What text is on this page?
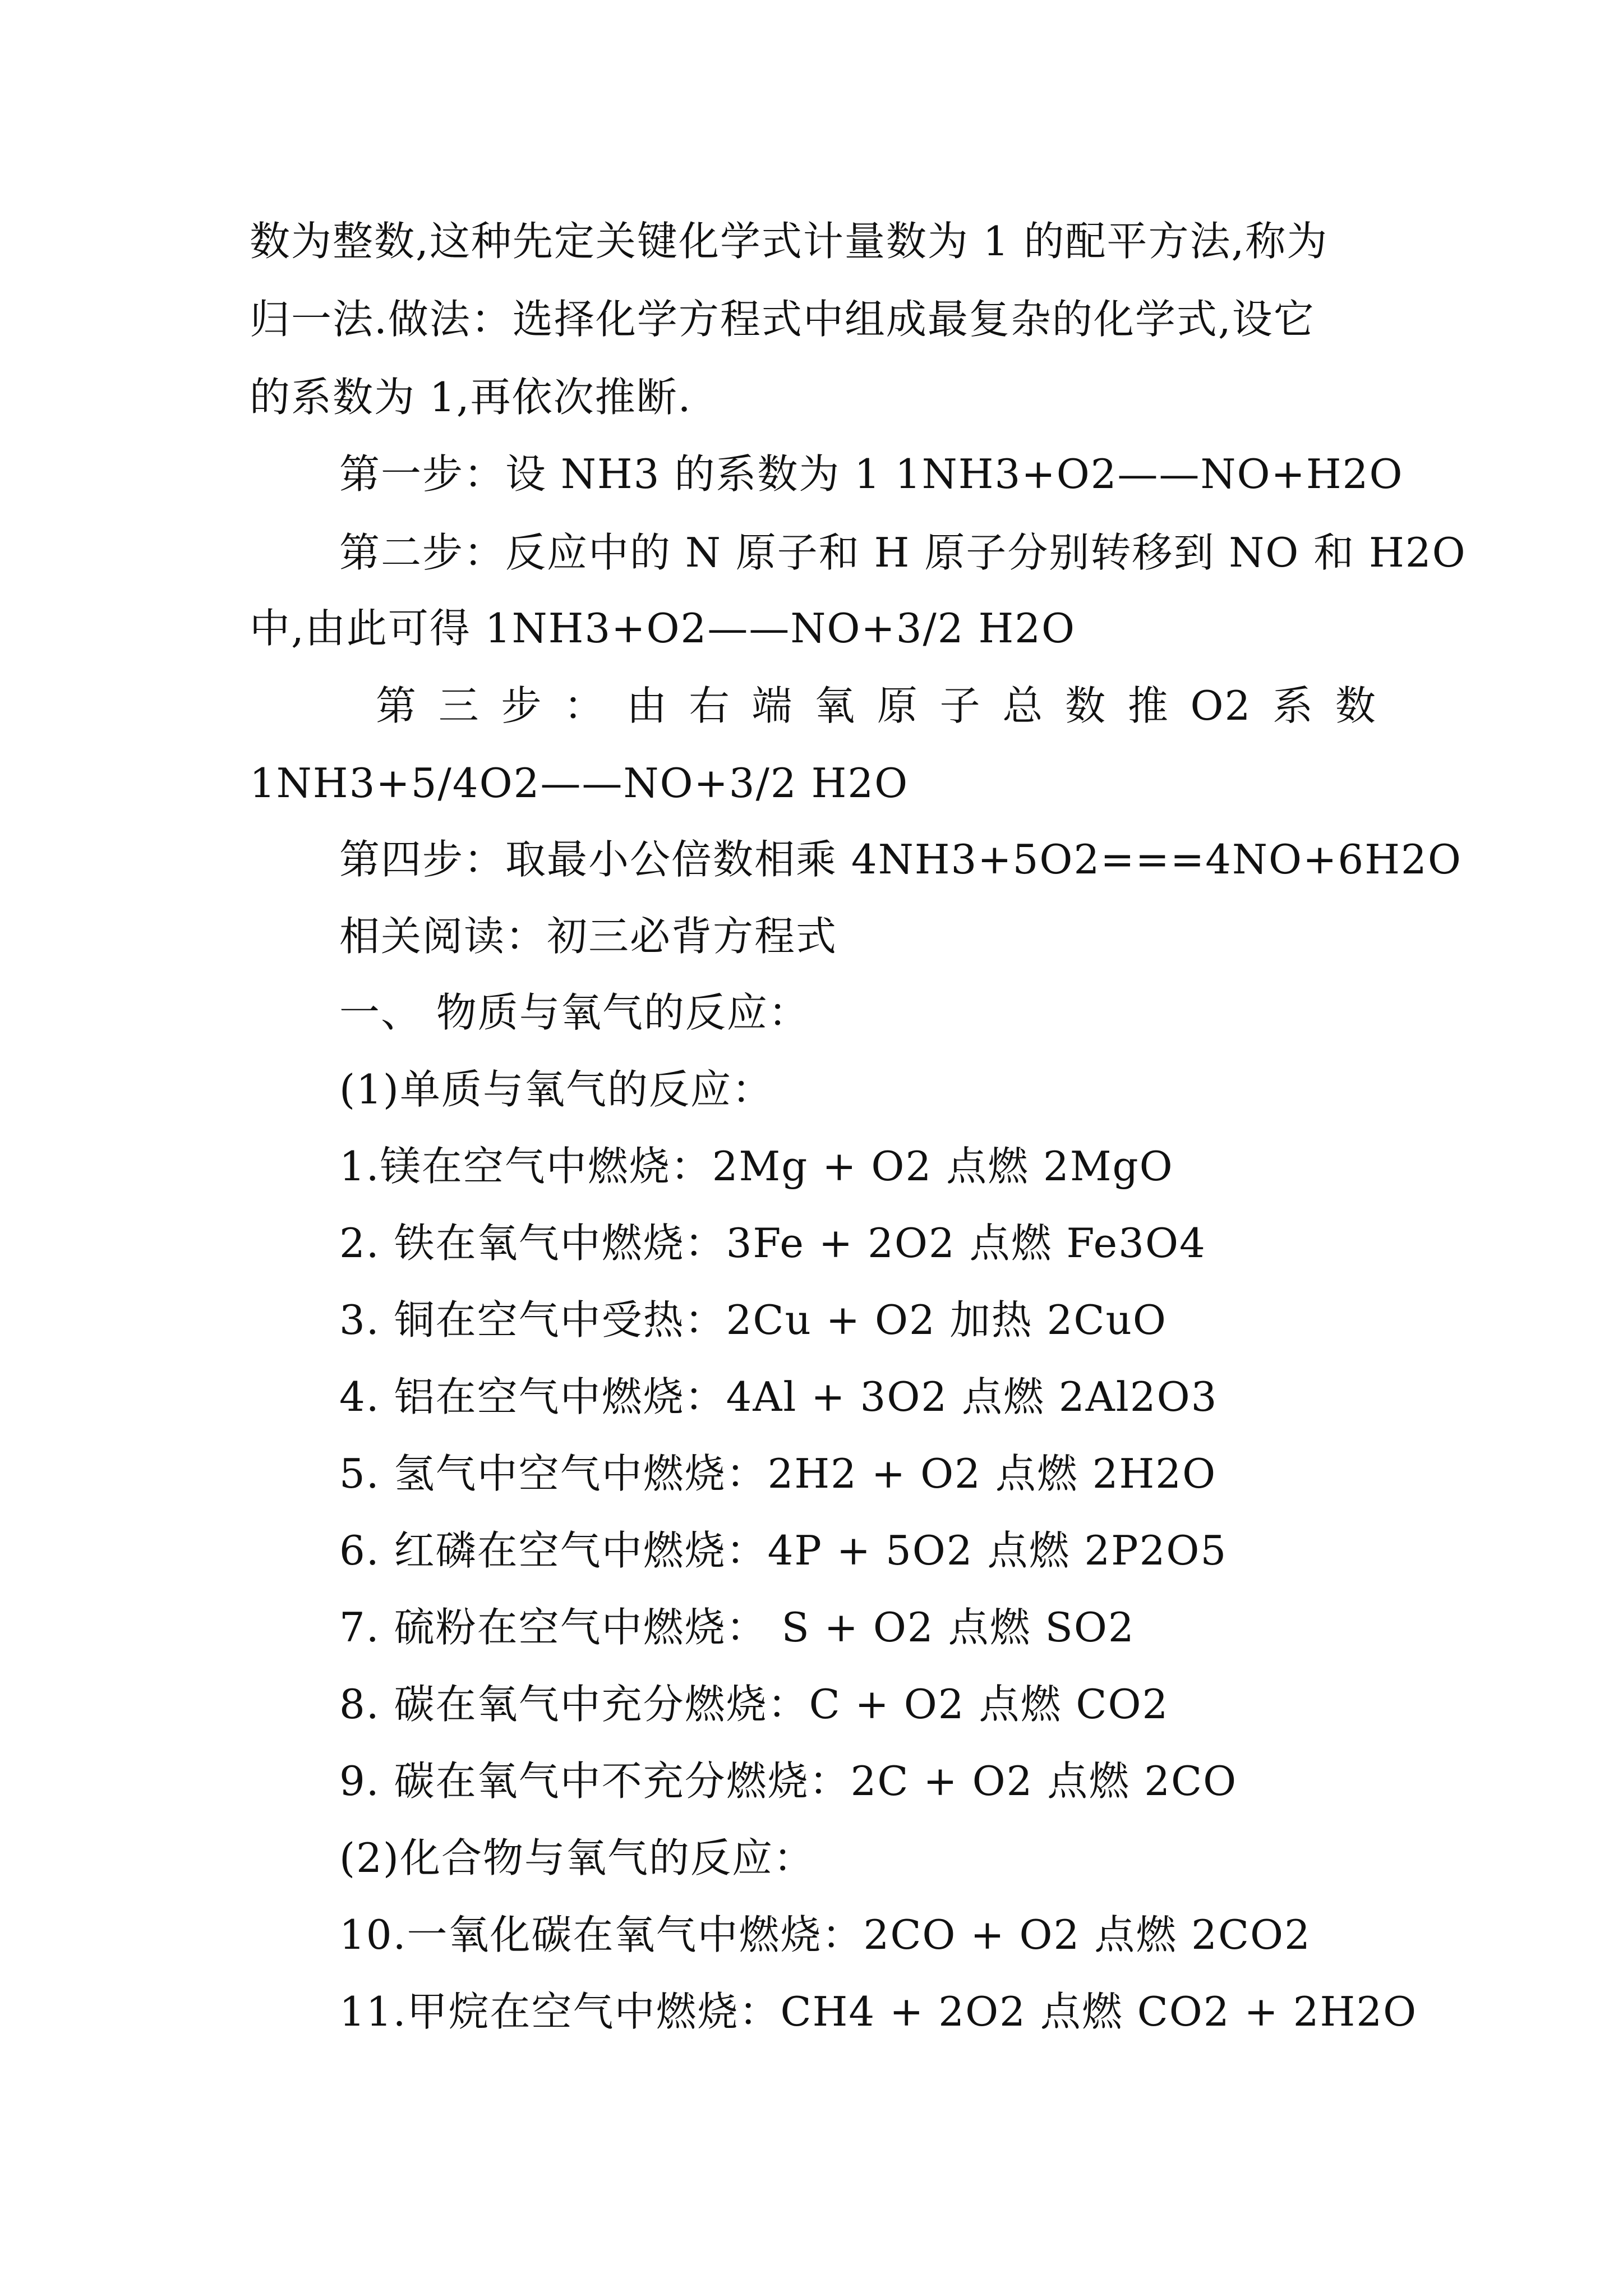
数为整数,这种先定关键化学式计量数为 1 的配平方法,称为
归一法.做法：选择化学方程式中组成最复杂的化学式,设它
的系数为 1,再依次推断.
第一步：设 NH3 的系数为 1 1NH3+O2——NO+H2O
第二步：反应中的 N 原子和 H 原子分别转移到 NO 和 H2O
中,由此可得 1NH3+O2——NO+3/2 H2O
第 三 步 ： 由 右 端 氧 原 子 总 数 推 O2 系 数
1NH3+5/4O2——NO+3/2 H2O
第四步：取最小公倍数相乘 4NH3+5O2===4NO+6H2O
相关阅读：初三必背方程式
一、 物质与氧气的反应：
(1)单质与氧气的反应：
1.镁在空气中燃烧：2Mg + O2 点燃 2MgO
2. 铁在氧气中燃烧：3Fe + 2O2 点燃 Fe3O4
3. 铜在空气中受热：2Cu + O2 加热 2CuO
4. 铝在空气中燃烧：4Al + 3O2 点燃 2Al2O3
5. 氢气中空气中燃烧：2H2 + O2 点燃 2H2O
6. 红磷在空气中燃烧：4P + 5O2 点燃 2P2O5
7. 硫粉在空气中燃烧： S + O2 点燃 SO2
8. 碳在氧气中充分燃烧：C + O2 点燃 CO2
9. 碳在氧气中不充分燃烧：2C + O2 点燃 2CO
(2)化合物与氧气的反应：
10.一氧化碳在氧气中燃烧：2CO + O2 点燃 2CO2
11.甲烷在空气中燃烧：CH4 + 2O2 点燃 CO2 + 2H2O
